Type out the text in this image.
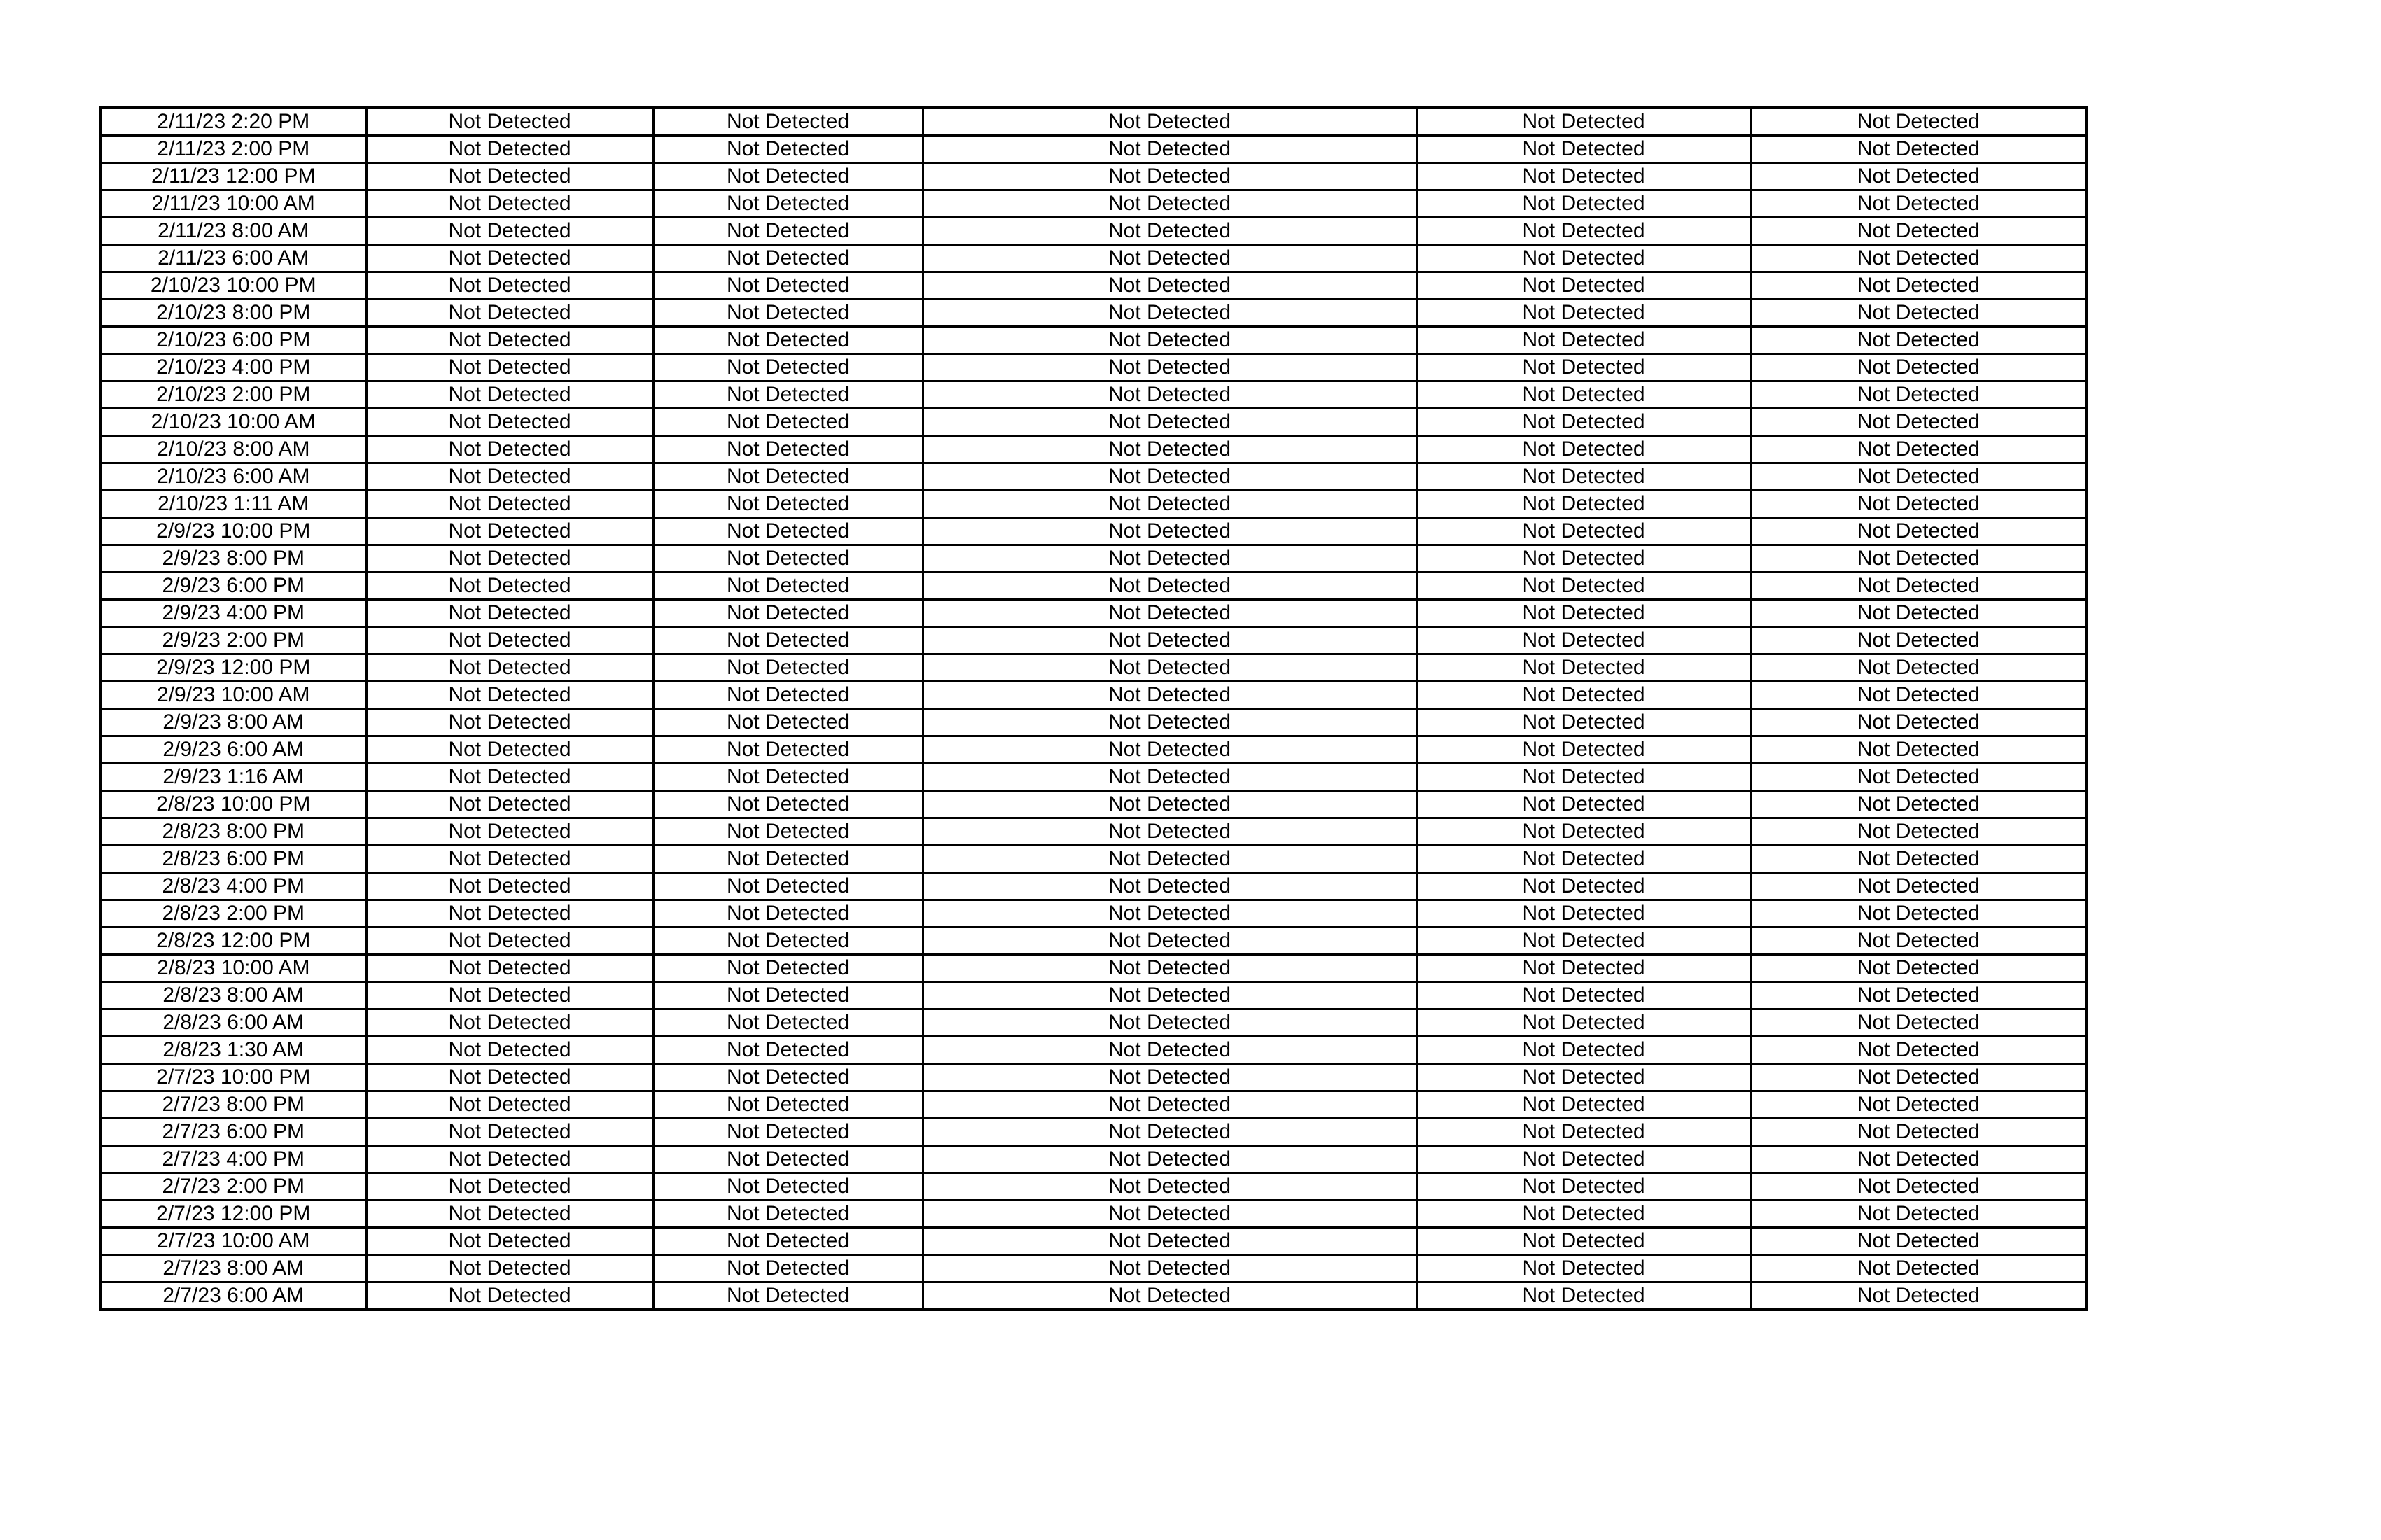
2/11/23 2:20 PM	Not Detected	Not Detected	Not Detected	Not Detected	Not Detected
2/11/23 2:00 PM	Not Detected	Not Detected	Not Detected	Not Detected	Not Detected
2/11/23 12:00 PM	Not Detected	Not Detected	Not Detected	Not Detected	Not Detected
2/11/23 10:00 AM	Not Detected	Not Detected	Not Detected	Not Detected	Not Detected
2/11/23 8:00 AM	Not Detected	Not Detected	Not Detected	Not Detected	Not Detected
2/11/23 6:00 AM	Not Detected	Not Detected	Not Detected	Not Detected	Not Detected
2/10/23 10:00 PM	Not Detected	Not Detected	Not Detected	Not Detected	Not Detected
2/10/23 8:00 PM	Not Detected	Not Detected	Not Detected	Not Detected	Not Detected
2/10/23 6:00 PM	Not Detected	Not Detected	Not Detected	Not Detected	Not Detected
2/10/23 4:00 PM	Not Detected	Not Detected	Not Detected	Not Detected	Not Detected
2/10/23 2:00 PM	Not Detected	Not Detected	Not Detected	Not Detected	Not Detected
2/10/23 10:00 AM	Not Detected	Not Detected	Not Detected	Not Detected	Not Detected
2/10/23 8:00 AM	Not Detected	Not Detected	Not Detected	Not Detected	Not Detected
2/10/23 6:00 AM	Not Detected	Not Detected	Not Detected	Not Detected	Not Detected
2/10/23 1:11 AM	Not Detected	Not Detected	Not Detected	Not Detected	Not Detected
2/9/23 10:00 PM	Not Detected	Not Detected	Not Detected	Not Detected	Not Detected
2/9/23 8:00 PM	Not Detected	Not Detected	Not Detected	Not Detected	Not Detected
2/9/23 6:00 PM	Not Detected	Not Detected	Not Detected	Not Detected	Not Detected
2/9/23 4:00 PM	Not Detected	Not Detected	Not Detected	Not Detected	Not Detected
2/9/23 2:00 PM	Not Detected	Not Detected	Not Detected	Not Detected	Not Detected
2/9/23 12:00 PM	Not Detected	Not Detected	Not Detected	Not Detected	Not Detected
2/9/23 10:00 AM	Not Detected	Not Detected	Not Detected	Not Detected	Not Detected
2/9/23 8:00 AM	Not Detected	Not Detected	Not Detected	Not Detected	Not Detected
2/9/23 6:00 AM	Not Detected	Not Detected	Not Detected	Not Detected	Not Detected
2/9/23 1:16 AM	Not Detected	Not Detected	Not Detected	Not Detected	Not Detected
2/8/23 10:00 PM	Not Detected	Not Detected	Not Detected	Not Detected	Not Detected
2/8/23 8:00 PM	Not Detected	Not Detected	Not Detected	Not Detected	Not Detected
2/8/23 6:00 PM	Not Detected	Not Detected	Not Detected	Not Detected	Not Detected
2/8/23 4:00 PM	Not Detected	Not Detected	Not Detected	Not Detected	Not Detected
2/8/23 2:00 PM	Not Detected	Not Detected	Not Detected	Not Detected	Not Detected
2/8/23 12:00 PM	Not Detected	Not Detected	Not Detected	Not Detected	Not Detected
2/8/23 10:00 AM	Not Detected	Not Detected	Not Detected	Not Detected	Not Detected
2/8/23 8:00 AM	Not Detected	Not Detected	Not Detected	Not Detected	Not Detected
2/8/23 6:00 AM	Not Detected	Not Detected	Not Detected	Not Detected	Not Detected
2/8/23 1:30 AM	Not Detected	Not Detected	Not Detected	Not Detected	Not Detected
2/7/23 10:00 PM	Not Detected	Not Detected	Not Detected	Not Detected	Not Detected
2/7/23 8:00 PM	Not Detected	Not Detected	Not Detected	Not Detected	Not Detected
2/7/23 6:00 PM	Not Detected	Not Detected	Not Detected	Not Detected	Not Detected
2/7/23 4:00 PM	Not Detected	Not Detected	Not Detected	Not Detected	Not Detected
2/7/23 2:00 PM	Not Detected	Not Detected	Not Detected	Not Detected	Not Detected
2/7/23 12:00 PM	Not Detected	Not Detected	Not Detected	Not Detected	Not Detected
2/7/23 10:00 AM	Not Detected	Not Detected	Not Detected	Not Detected	Not Detected
2/7/23 8:00 AM	Not Detected	Not Detected	Not Detected	Not Detected	Not Detected
2/7/23 6:00 AM	Not Detected	Not Detected	Not Detected	Not Detected	Not Detected
